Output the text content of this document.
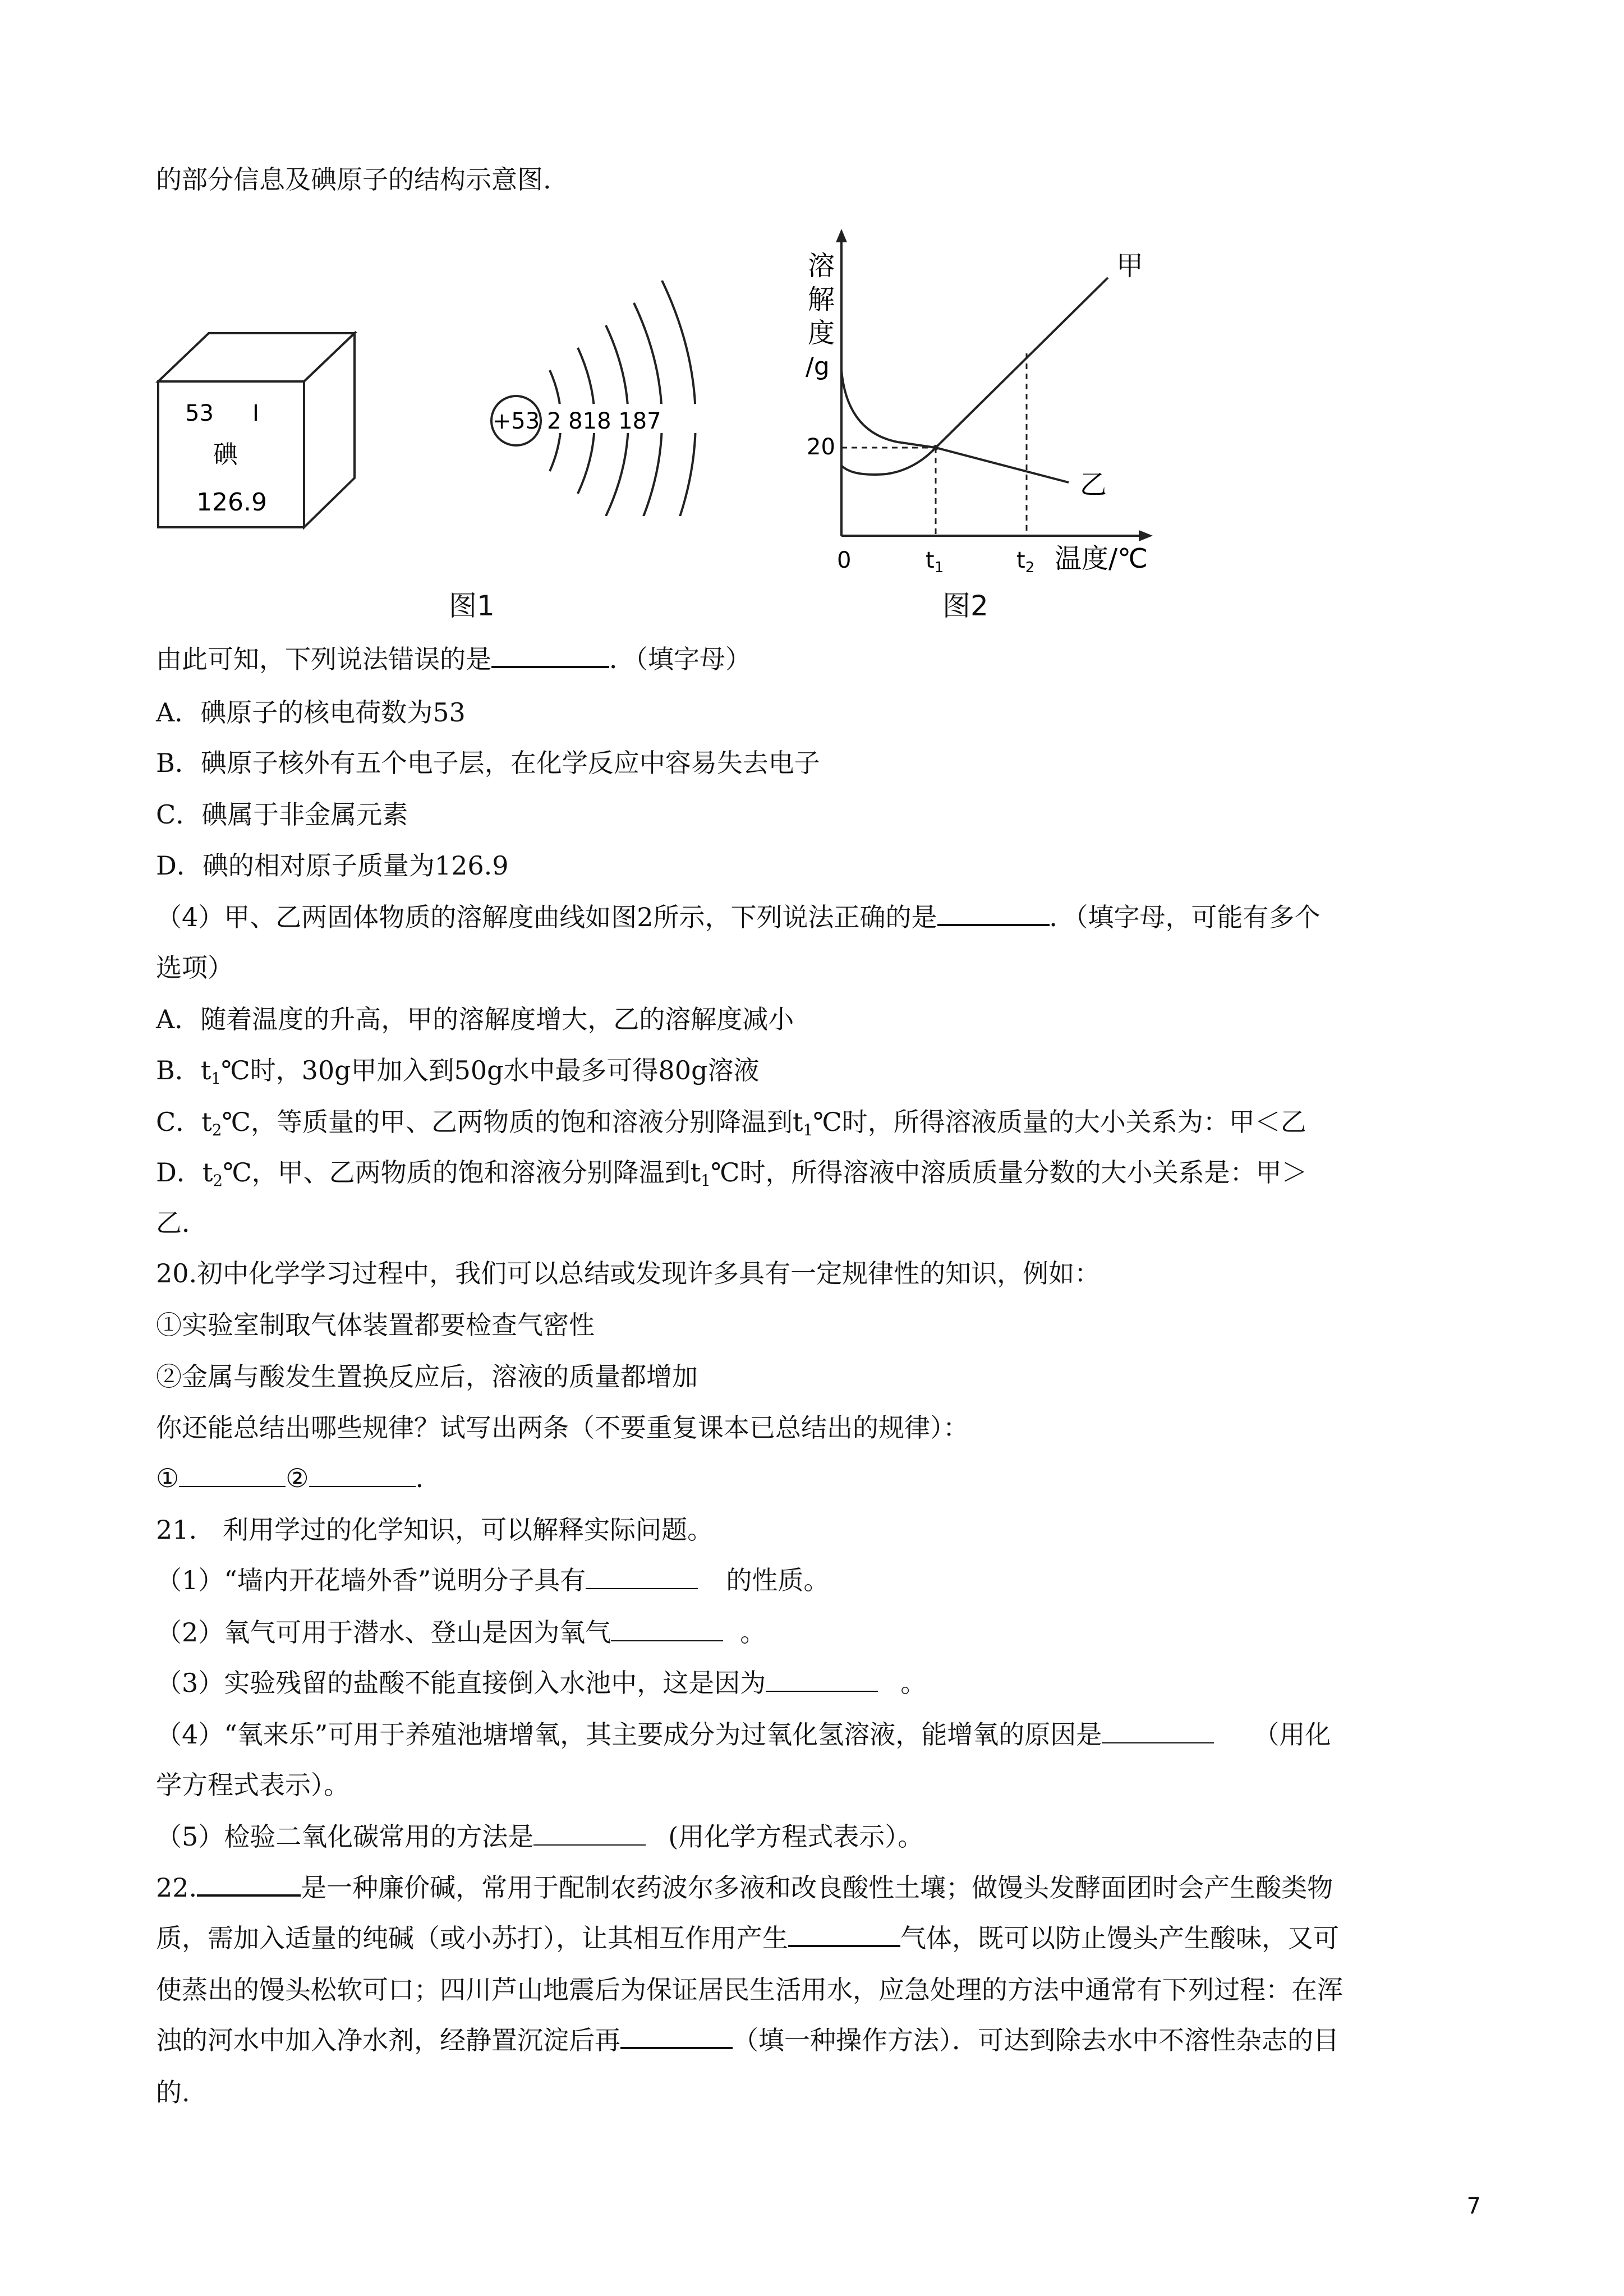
的部分信息及碘原子的结构示意图.
53 I
碘
126.9
+53 2 818 187
图1
溶
解
度
/g
20
甲
乙
0	$t_1$	$t_2$ 温度/℃
图2
由此可知，下列说法错误的是	．（填字母）
A．碘原子的核电荷数为53
B．碘原子核外有五个电子层，在化学反应中容易失去电子
C．碘属于非金属元素
D．碘的相对原子质量为126.9
（4）甲、乙两固体物质的溶解度曲线如图2所示，下列说法正确的是	．（填字母，可能有多个
选项）
A．随着温度的升高，甲的溶解度增大，乙的溶解度减小
B．$t_1℃$时，30g甲加入到50g水中最多可得80g溶液
C．$t_2℃$，等质量的甲、乙两物质的饱和溶液分别降温到$t_1℃$时，所得溶液质量的大小关系为：甲＜乙
D．$t_2℃$，甲、乙两物质的饱和溶液分别降温到$t_1℃$时，所得溶液中溶质质量分数的大小关系是：甲＞
乙．
20.初中化学学习过程中，我们可以总结或发现许多具有一定规律性的知识，例如：
①实验室制取气体装置都要检查气密性
②金属与酸发生置换反应后，溶液的质量都增加
你还能总结出哪些规律？试写出两条（不要重复课本已总结出的规律）：
①	②	.
21.　利用学过的化学知识，可以解释实际问题。
（1）“墙内开花墙外香”说明分子具有	的性质。
（2）氧气可用于潜水、登山是因为氧气	。
（3）实验残留的盐酸不能直接倒入水池中，这是因为	。
（4）“氧来乐”可用于养殖池塘增氧，其主要成分为过氧化氢溶液，能增氧的原因是	（用化
学方程式表示）。
（5）检验二氧化碳常用的方法是	(用化学方程式表示）。
22.	是一种廉价碱，常用于配制农药波尔多液和改良酸性土壤；做馒头发酵面团时会产生酸类物
质，需加入适量的纯碱（或小苏打），让其相互作用产生	气体，既可以防止馒头产生酸味，又可
使蒸出的馒头松软可口；四川芦山地震后为保证居民生活用水，应急处理的方法中通常有下列过程：在浑
浊的河水中加入净水剂，经静置沉淀后再	（填一种操作方法）．可达到除去水中不溶性杂志的目
的.
7
